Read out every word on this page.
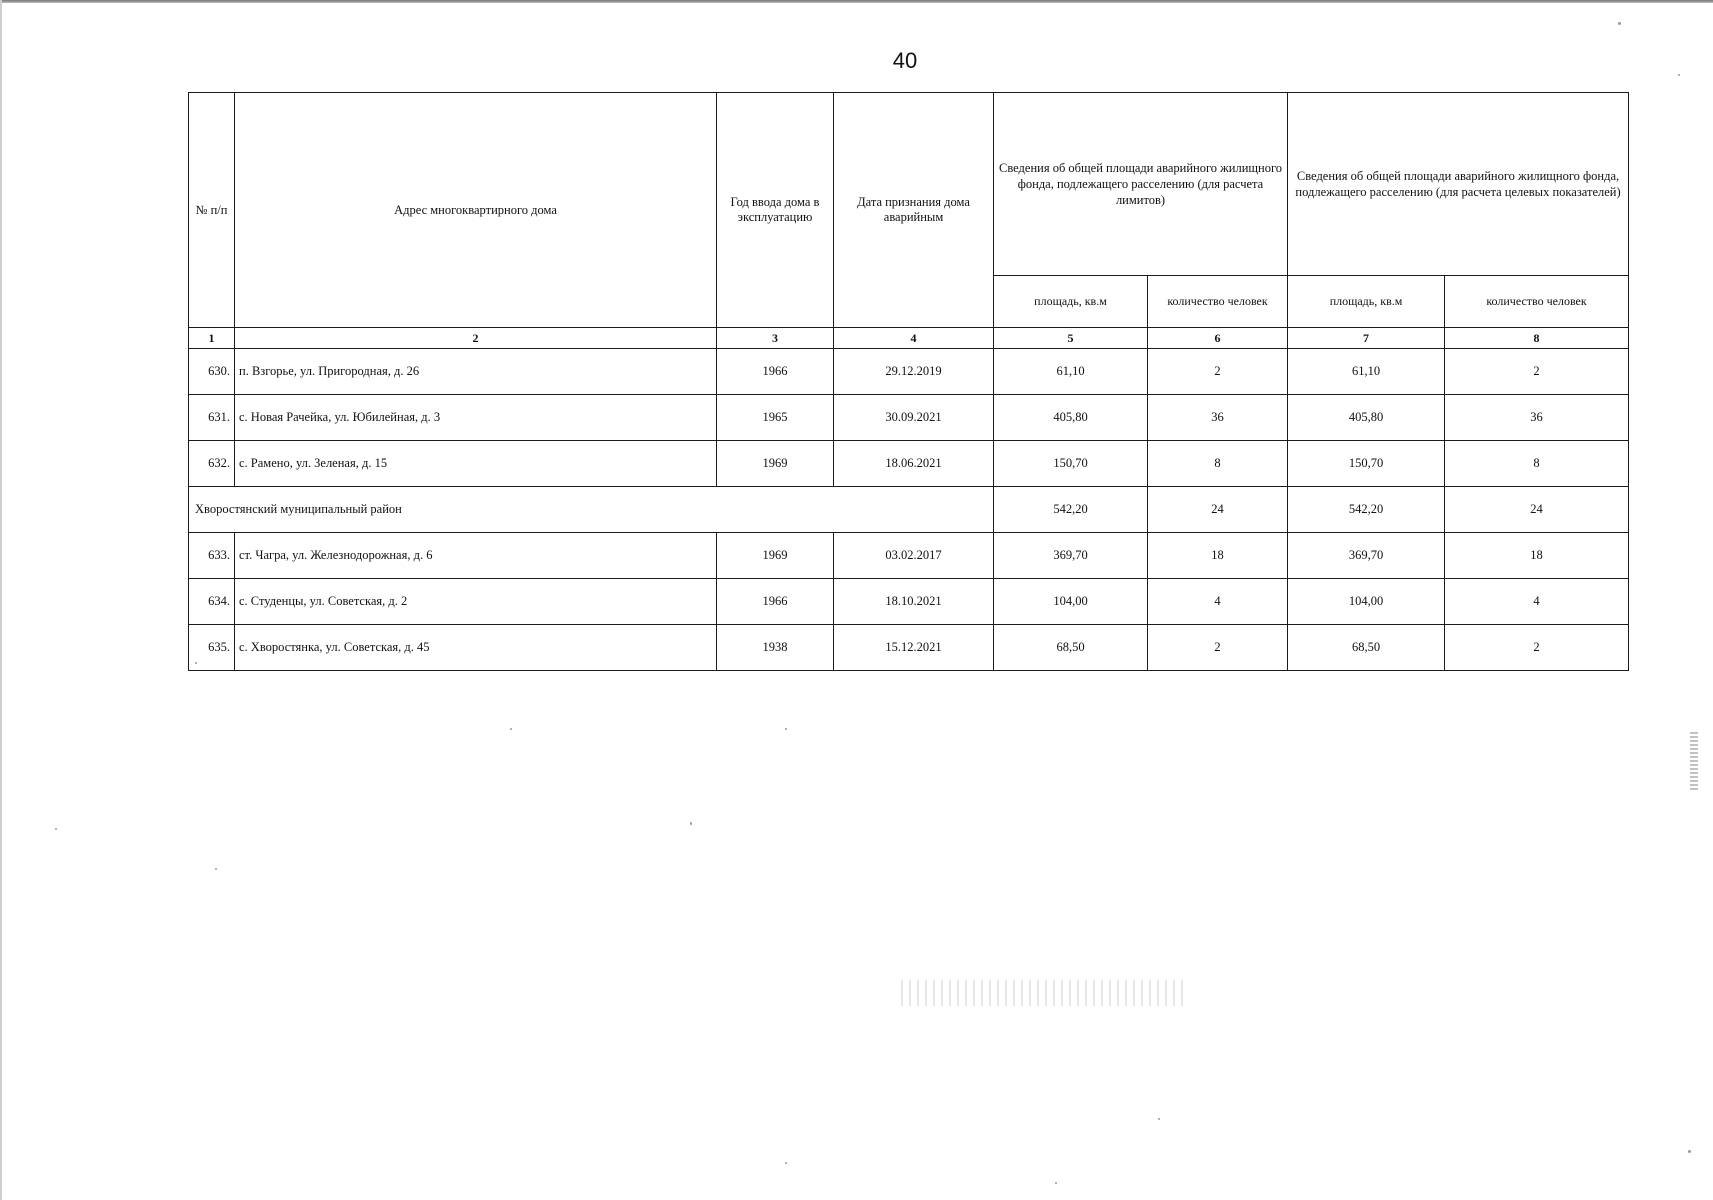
40
№ п/п	Адрес многоквартирного дома	Год ввода дома в эксплуатацию	Дата признания дома аварийным	Сведения об общей площади аварийного жилищного фонда, подлежащего расселению (для расчета лимитов)		Сведения об общей площади аварийного жилищного фонда, подлежащего расселению (для расчета целевых показателей)	
				площадь, кв.м	количество человек	площадь, кв.м	количество человек
1	2	3	4	5	6	7	8
630.	п. Взгорье, ул. Пригородная, д. 26	1966	29.12.2019	61,10	2	61,10	2
631.	с. Новая Рачейка, ул. Юбилейная, д. 3	1965	30.09.2021	405,80	36	405,80	36
632.	с. Рамено, ул. Зеленая, д. 15	1969	18.06.2021	150,70	8	150,70	8
Хворостянский муниципальный район				542,20	24	542,20	24
633.	ст. Чагра, ул. Железнодорожная, д. 6	1969	03.02.2017	369,70	18	369,70	18
634.	с. Студенцы, ул. Советская, д. 2	1966	18.10.2021	104,00	4	104,00	4
635.	с. Хворостянка, ул. Советская, д. 45	1938	15.12.2021	68,50	2	68,50	2
